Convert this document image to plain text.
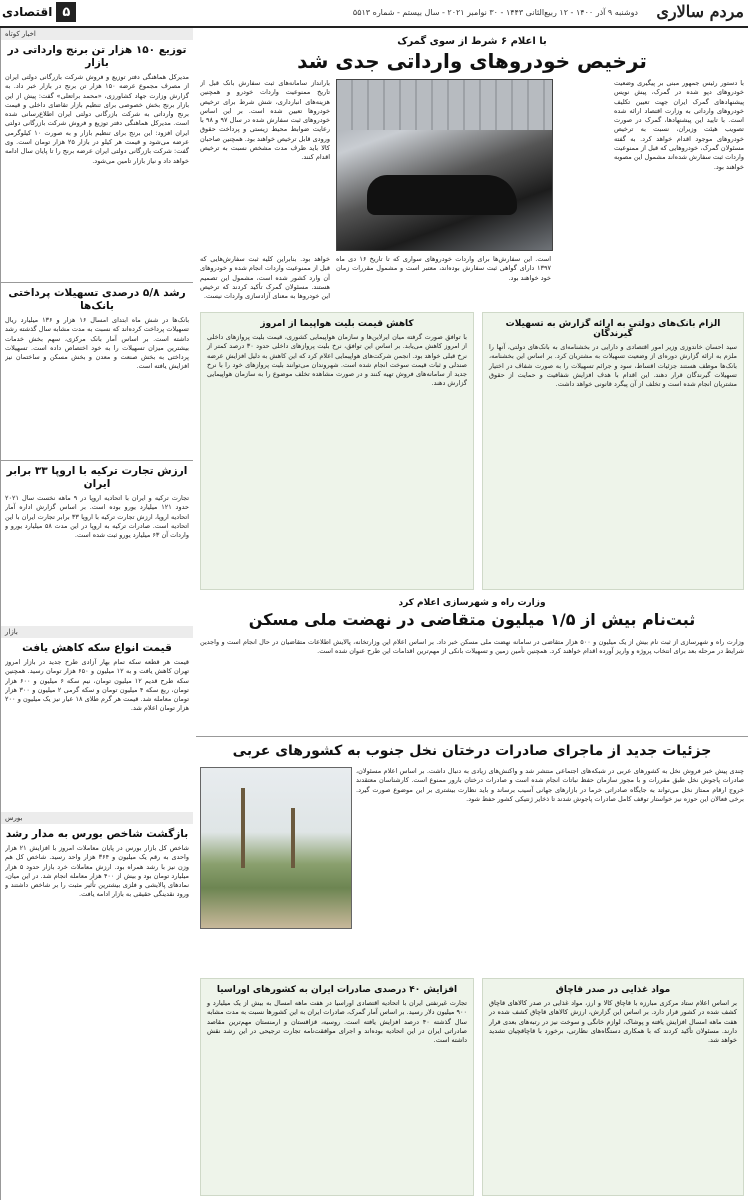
مردم سالاری
دوشنبه ۹ آذر ۱۴۰۰ - ۱۲ ربیع‌الثانی ۱۴۴۳ - ۳۰ نوامبر ۲۰۲۱ - سال بیستم - شماره ۵۵۱۳
۵
اقتصادی
اخبار کوتاه
توزیع ۱۵۰ هزار تن برنج وارداتی در بازار
مدیرکل هماهنگی دفتر توزیع و فروش شرکت بازرگانی دولتی ایران از مصرف مجموع عرضه ۱۵۰ هزار تن برنج در بازار خبر داد. به گزارش وزارت جهاد کشاورزی، «محمد براتعلی» گفت: پیش از این بازار برنج بخش خصوصی برای تنظیم بازار تقاضای داخلی و قیمت برنج وارداتی به شرکت بازرگانی دولتی ایران اطلاع‌رسانی شده است. مدیرکل هماهنگی دفتر توزیع و فروش شرکت بازرگانی دولتی ایران افزود: این برنج برای تنظیم بازار و به صورت ۱۰ کیلوگرمی عرضه می‌شود و قیمت هر کیلو در بازار ۲۵ هزار تومان است. وی گفت: شرکت بازرگانی دولتی ایران عرضه برنج را تا پایان سال ادامه خواهد داد و نیاز بازار تامین می‌شود.
رشد ۵/۸ درصدی تسهیلات پرداختی بانک‌ها
بانک‌ها در شش ماه ابتدای امسال ۱۶ هزار و ۱۳۶ میلیارد ریال تسهیلات پرداخت کرده‌اند که نسبت به مدت مشابه سال گذشته رشد داشته است. بر اساس آمار بانک مرکزی، سهم بخش خدمات بیشترین میزان تسهیلات را به خود اختصاص داده است. تسهیلات پرداختی به بخش صنعت و معدن و بخش مسکن و ساختمان نیز افزایش یافته است.
ارزش تجارت ترکیه با اروپا ۳۳ برابر ایران
تجارت ترکیه و ایران با اتحادیه اروپا در ۹ ماهه نخست سال ۲۰۲۱ حدود ۱۲۱ میلیارد یورو بوده است. بر اساس گزارش اداره آمار اتحادیه اروپا، ارزش تجارت ترکیه با اروپا ۳۳ برابر تجارت ایران با این اتحادیه است. صادرات ترکیه به اروپا در این مدت ۵۸ میلیارد یورو و واردات آن ۶۳ میلیارد یورو ثبت شده است.
بازار
قیمت انواع سکه کاهش یافت
قیمت هر قطعه سکه تمام بهار آزادی طرح جدید در بازار امروز تهران کاهش یافت و به ۱۲ میلیون و ۶۵۰ هزار تومان رسید. همچنین سکه طرح قدیم ۱۲ میلیون تومان، نیم سکه ۶ میلیون و ۶۰۰ هزار تومان، ربع سکه ۴ میلیون تومان و سکه گرمی ۲ میلیون و ۳۰۰ هزار تومان معامله شد. قیمت هر گرم طلای ۱۸ عیار نیز یک میلیون و ۲۰۰ هزار تومان اعلام شد.
بورس
بازگشت شاخص بورس به مدار رشد
شاخص کل بازار بورس در پایان معاملات امروز با افزایش ۲۱ هزار واحدی به رقم یک میلیون و ۳۶۴ هزار واحد رسید. شاخص کل هم وزن نیز با رشد همراه بود. ارزش معاملات خرد بازار حدود ۵ هزار میلیارد تومان بود و بیش از ۴۰۰ هزار معامله انجام شد. در این میان، نمادهای پالایشی و فلزی بیشترین تأثیر مثبت را بر شاخص داشتند و ورود نقدینگی حقیقی به بازار ادامه یافت.
با اعلام ۶ شرط از سوی گمرک
ترخیص خودروهای وارداتی جدی شد
با دستور رئیس جمهور مبنی بر پیگیری وضعیت خودروهای دپو شده در گمرک، پیش نویس پیشنهادهای گمرک ایران جهت تعیین تکلیف خودروهای وارداتی به وزارت اقتصاد ارائه شده است. با تایید این پیشنهادها، گمرک در صورت تصویب هیئت وزیران، نسبت به ترخیص خودروهای موجود اقدام خواهد کرد. به گفته مسئولان گمرک، خودروهایی که قبل از ممنوعیت واردات ثبت سفارش شده‌اند مشمول این مصوبه خواهند بود.
بارانداز سامانه‌های ثبت سفارش بانک قبل از تاریخ ممنوعیت واردات خودرو و همچنین هزینه‌های انبارداری، شش شرط برای ترخیص خودروها تعیین شده است. بر این اساس خودروهای ثبت سفارش شده در سال ۹۷ و ۹۸ با رعایت ضوابط محیط زیستی و پرداخت حقوق ورودی قابل ترخیص خواهند بود. همچنین صاحبان کالا باید ظرف مدت مشخص نسبت به ترخیص اقدام کنند.
خواهد بود. بنابراین کلیه ثبت سفارش‌هایی که قبل از ممنوعیت واردات انجام شده و خودروهای آن وارد کشور شده است، مشمول این تصمیم هستند. مسئولان گمرک تأکید کردند که ترخیص این خودروها به معنای آزادسازی واردات نیست.
است. این سفارش‌ها برای واردات خودروهای سواری که تا تاریخ ۱۶ دی ماه ۱۳۹۷ دارای گواهی ثبت سفارش بوده‌اند، معتبر است و مشمول مقررات زمان خود خواهند بود.
الزام بانک‌های دولتی به ارائه گزارش به تسهیلات گیرندگان
سید احسان خاندوزی وزیر امور اقتصادی و دارایی در بخشنامه‌ای به بانک‌های دولتی، آنها را ملزم به ارائه گزارش دوره‌ای از وضعیت تسهیلات به مشتریان کرد. بر اساس این بخشنامه، بانک‌ها موظف هستند جزئیات اقساط، سود و جرائم تسهیلات را به صورت شفاف در اختیار تسهیلات گیرندگان قرار دهند. این اقدام با هدف افزایش شفافیت و حمایت از حقوق مشتریان انجام شده است و تخلف از آن پیگرد قانونی خواهد داشت.
کاهش قیمت بلیت هواپیما از امروز
با توافق صورت گرفته میان ایرلاین‌ها و سازمان هواپیمایی کشوری، قیمت بلیت پروازهای داخلی از امروز کاهش می‌یابد. بر اساس این توافق، نرخ بلیت پروازهای داخلی حدود ۳۰ درصد کمتر از نرخ قبلی خواهد بود. انجمن شرکت‌های هواپیمایی اعلام کرد که این کاهش به دلیل افزایش عرضه صندلی و ثبات قیمت سوخت انجام شده است. شهروندان می‌توانند بلیت پروازهای خود را با نرخ جدید از سامانه‌های فروش تهیه کنند و در صورت مشاهده تخلف موضوع را به سازمان هواپیمایی گزارش دهند.
وزارت راه و شهرسازی اعلام کرد
ثبت‌نام بیش از ۱/۵ میلیون متقاضی در نهضت ملی مسکن
وزارت راه و شهرسازی از ثبت نام بیش از یک میلیون و ۵۰۰ هزار متقاضی در سامانه نهضت ملی مسکن خبر داد. بر اساس اعلام این وزارتخانه، پالایش اطلاعات متقاضیان در حال انجام است و واجدین شرایط در مرحله بعد برای انتخاب پروژه و واریز آورده اقدام خواهند کرد. همچنین تأمین زمین و تسهیلات بانکی از مهم‌ترین اقدامات این طرح عنوان شده است.
جزئیات جدید از ماجرای صادرات درختان نخل جنوب به کشورهای عربی
چندی پیش خبر فروش نخل به کشورهای عربی در شبکه‌های اجتماعی منتشر شد و واکنش‌های زیادی به دنبال داشت. بر اساس اعلام مسئولان، صادرات پاجوش نخل طبق مقررات و با مجوز سازمان حفظ نباتات انجام شده است و صادرات درختان بارور ممنوع است. کارشناسان معتقدند خروج ارقام ممتاز نخل می‌تواند به جایگاه صادراتی خرما در بازارهای جهانی آسیب برساند و باید نظارت بیشتری بر این موضوع صورت گیرد. برخی فعالان این حوزه نیز خواستار توقف کامل صادرات پاجوش شدند تا ذخایر ژنتیکی کشور حفظ شود.
مواد غذایی در صدر قاچاق
بر اساس اعلام ستاد مرکزی مبارزه با قاچاق کالا و ارز، مواد غذایی در صدر کالاهای قاچاق کشف شده در کشور قرار دارد. بر اساس این گزارش، ارزش کالاهای قاچاق کشف شده در هفت ماهه امسال افزایش یافته و پوشاک، لوازم خانگی و سوخت نیز در رتبه‌های بعدی قرار دارند. مسئولان تأکید کردند که با همکاری دستگاه‌های نظارتی، برخورد با قاچاقچیان تشدید خواهد شد.
افزایش ۴۰ درصدی صادرات ایران به کشورهای اوراسیا
تجارت غیرنفتی ایران با اتحادیه اقتصادی اوراسیا در هفت ماهه امسال به بیش از یک میلیارد و ۹۰۰ میلیون دلار رسید. بر اساس آمار گمرک، صادرات ایران به این کشورها نسبت به مدت مشابه سال گذشته ۴۰ درصد افزایش یافته است. روسیه، قزاقستان و ارمنستان مهم‌ترین مقاصد صادراتی ایران در این اتحادیه بوده‌اند و اجرای موافقت‌نامه تجارت ترجیحی در این رشد نقش داشته است.
